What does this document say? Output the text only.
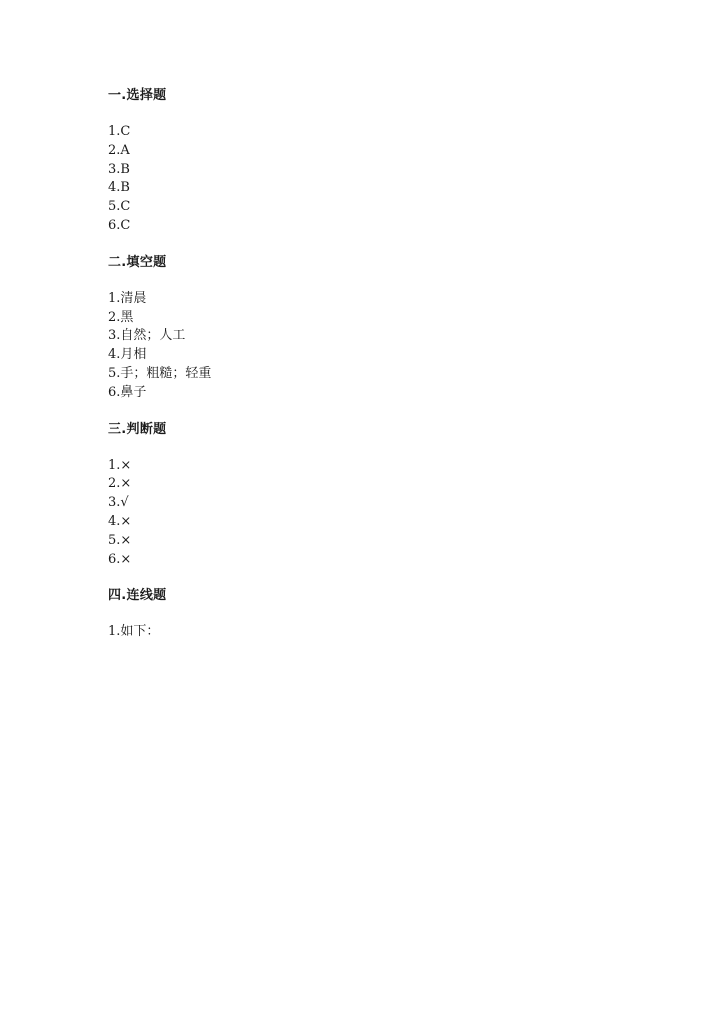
一.选择题
1.C
2.A
3.B
4.B
5.C
6.C
二.填空题
1.清晨
2.黑
3.自然；人工
4.月相
5.手；粗糙；轻重
6.鼻子
三.判断题
1.×
2.×
3.√
4.×
5.×
6.×
四.连线题
1.如下：
